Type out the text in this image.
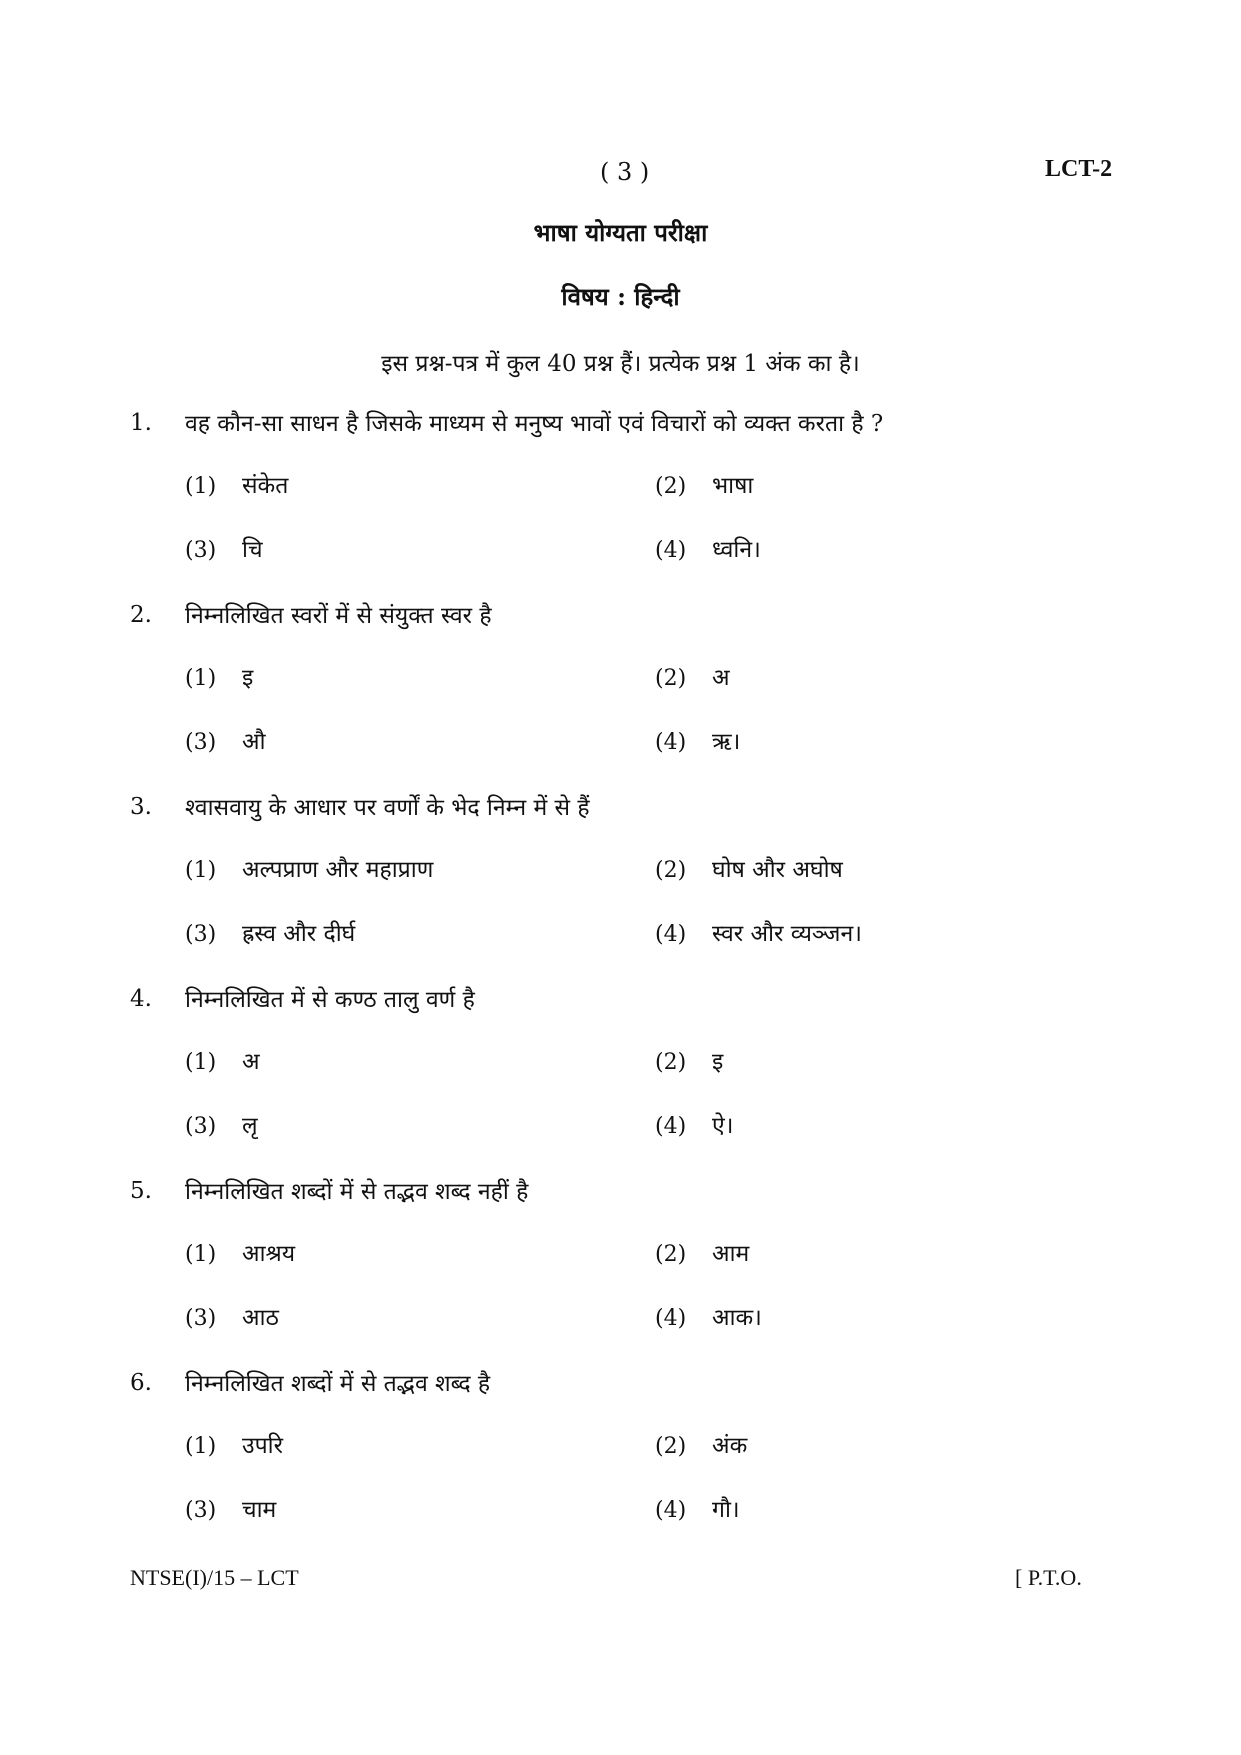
( 3 )	LCT-2
भाषा योग्यता परीक्षा
विषय : हिन्दी
इस प्रश्न-पत्र में कुल 40 प्रश्न हैं। प्रत्येक प्रश्न 1 अंक का है।
1. वह कौन-सा साधन है जिसके माध्यम से मनुष्य भावों एवं विचारों को व्यक्त करता है ?
(1) संकेत	(2) भाषा
(3) चि	(4) ध्वनि।
2. निम्नलिखित स्वरों में से संयुक्त स्वर है
(1) इ	(2) अ
(3) औ	(4) ऋ।
3. श्वासवायु के आधार पर वर्णों के भेद निम्न में से हैं
(1) अल्पप्राण और महाप्राण	(2) घोष और अघोष
(3) ह्रस्व और दीर्घ	(4) स्वर और व्यञ्जन।
4. निम्नलिखित में से कण्ठ तालु वर्ण है
(1) अ	(2) इ
(3) लृ	(4) ऐ।
5. निम्नलिखित शब्दों में से तद्भव शब्द नहीं है
(1) आश्रय	(2) आम
(3) आठ	(4) आक।
6. निम्नलिखित शब्दों में से तद्भव शब्द है
(1) उपरि	(2) अंक
(3) चाम	(4) गौ।
NTSE(I)/15 – LCT	[ P.T.O.
